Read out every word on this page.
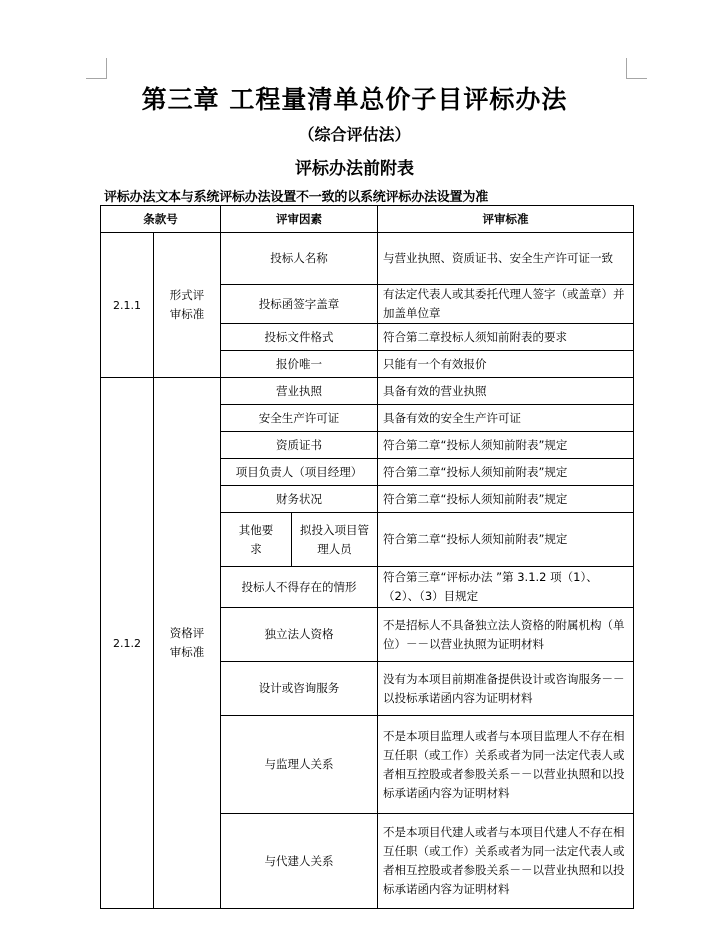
第三章 工程量清单总价子目评标办法
（综合评估法）
评标办法前附表
评标办法文本与系统评标办法设置不一致的以系统评标办法设置为准
条款号		评审因素		评审标准
2.1.1	形式评审标准	投标人名称		与营业执照、资质证书、安全生产许可证一致
		投标函签字盖章		有法定代表人或其委托代理人签字（或盖章）并加盖单位章
		投标文件格式		符合第二章投标人须知前附表的要求
		报价唯一		只能有一个有效报价
2.1.2	资格评审标准	营业执照		具备有效的营业执照
		安全生产许可证		具备有效的安全生产许可证
		资质证书		符合第二章“投标人须知前附表”规定
		项目负责人（项目经理）		符合第二章“投标人须知前附表”规定
		财务状况		符合第二章“投标人须知前附表”规定
		其他要求	拟投入项目管理人员	符合第二章“投标人须知前附表”规定
		投标人不得存在的情形		符合第三章“评标办法 ”第 3.1.2 项（1）、（2）、（3）目规定
		独立法人资格		不是招标人不具备独立法人资格的附属机构（单位）－－以营业执照为证明材料
		设计或咨询服务		没有为本项目前期准备提供设计或咨询服务－－以投标承诺函内容为证明材料
		与监理人关系		不是本项目监理人或者与本项目监理人不存在相互任职（或工作）关系或者为同一法定代表人或者相互控股或者参股关系－－以营业执照和以投标承诺函内容为证明材料
		与代建人关系		不是本项目代建人或者与本项目代建人不存在相互任职（或工作）关系或者为同一法定代表人或者相互控股或者参股关系－－以营业执照和以投标承诺函内容为证明材料
